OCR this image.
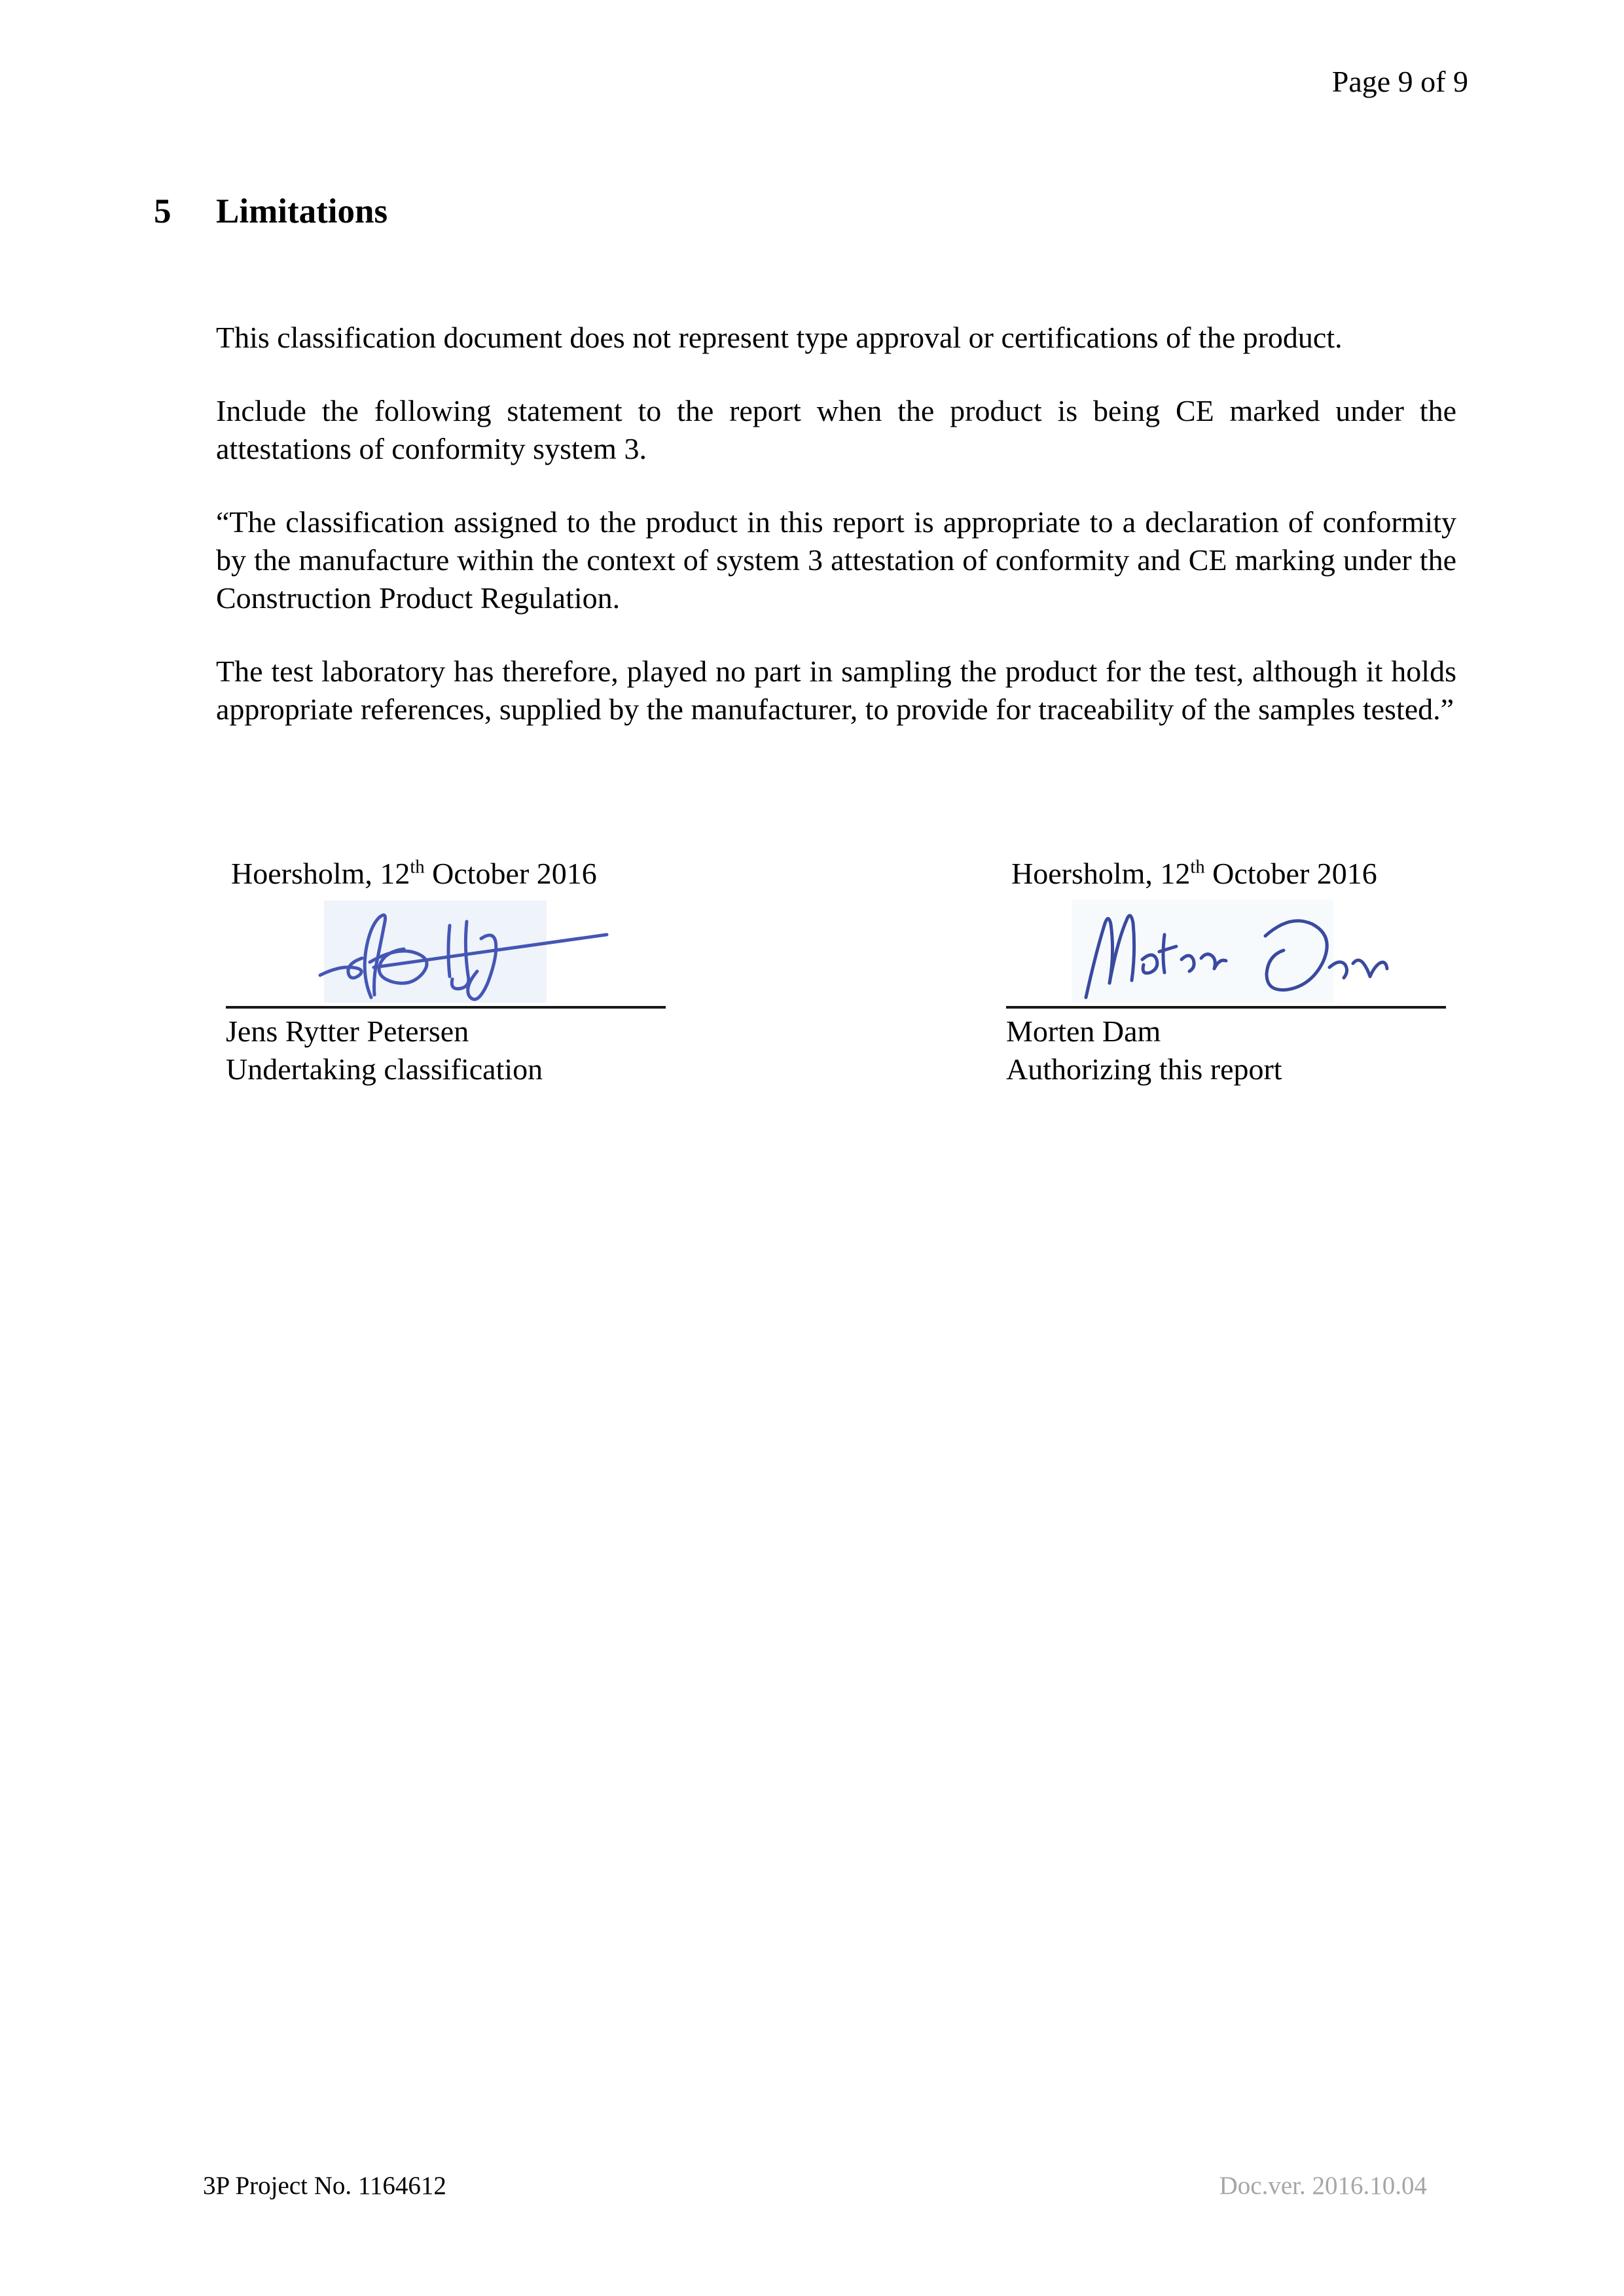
Page 9 of 9
5	Limitations

This classification document does not represent type approval or certifications of the product.

Include the following statement to the report when the product is being CE marked under the attestations of conformity system 3.

“The classification assigned to the product in this report is appropriate to a declaration of conformity by the manufacture within the context of system 3 attestation of conformity and CE marking under the Construction Product Regulation.

The test laboratory has therefore, played no part in sampling the product for the test, although it holds appropriate references, supplied by the manufacturer, to provide for traceability of the samples tested.”

Hoersholm, 12th October 2016
Jens Rytter Petersen
Undertaking classification
Hoersholm, 12th October 2016
Morten Dam
Authorizing this report
3P Project No. 1164612	Doc.ver. 2016.10.04
